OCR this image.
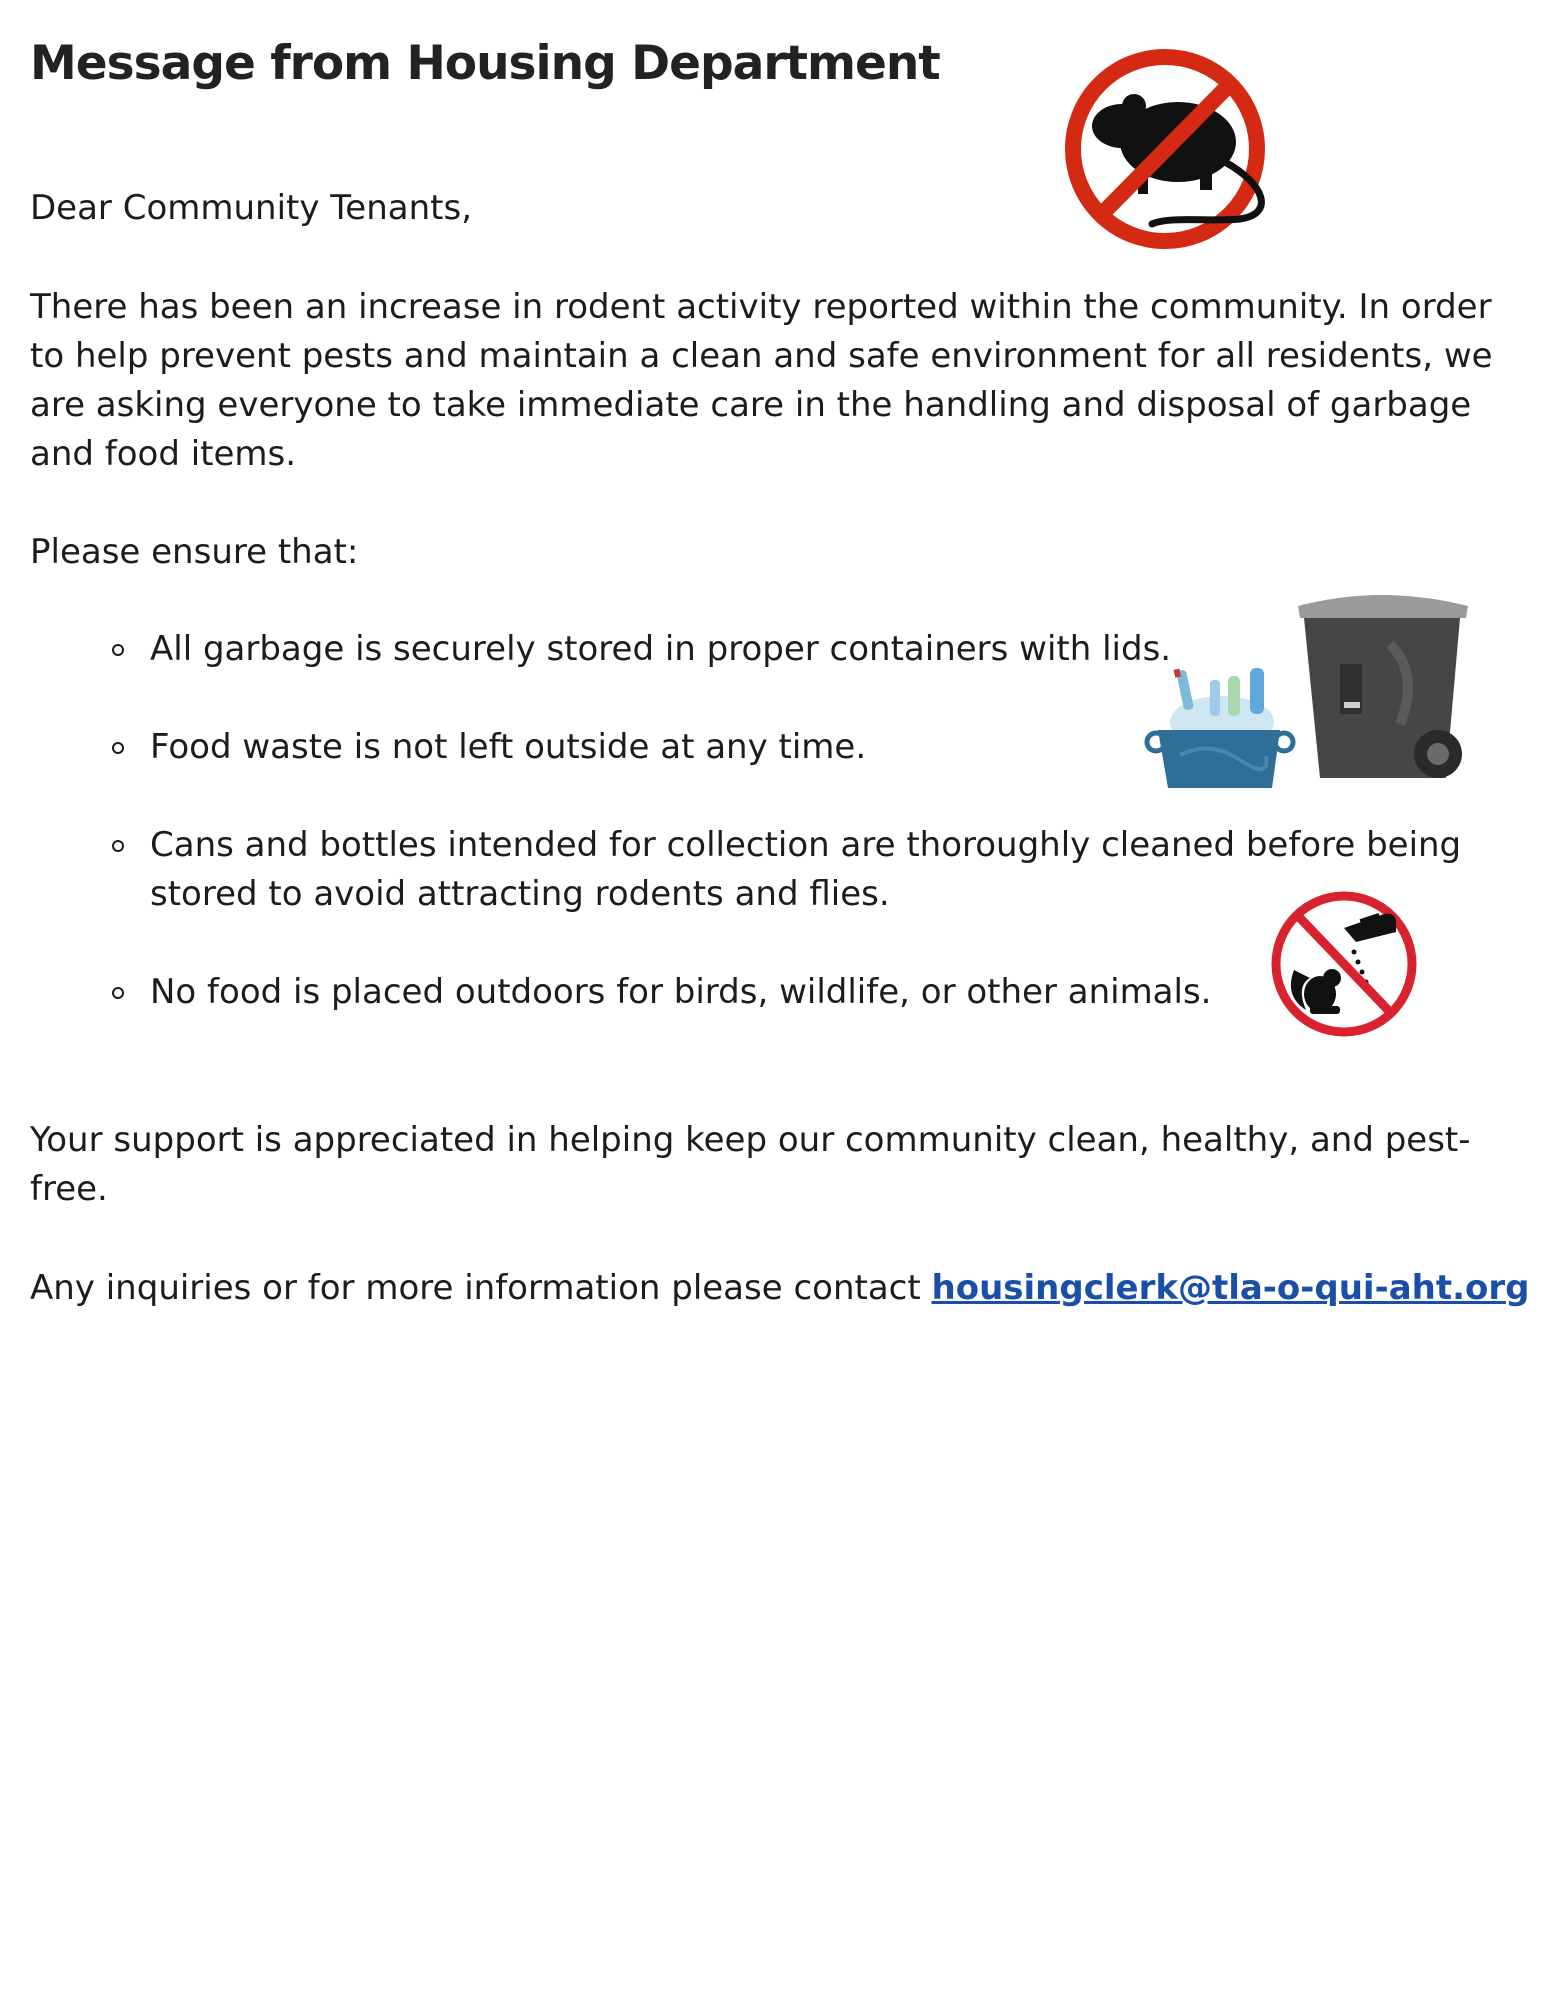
Message from Housing Department

Dear Community Tenants,

There has been an increase in rodent activity reported within the community. In order to help prevent pests and maintain a clean and safe environment for all residents, we are asking everyone to take immediate care in the handling and disposal of garbage and food items.

Please ensure that:

All garbage is securely stored in proper containers with lids.

Food waste is not left outside at any time.

Cans and bottles intended for collection are thoroughly cleaned before being stored to avoid attracting rodents and flies.

No food is placed outdoors for birds, wildlife, or other animals.

Your support is appreciated in helping keep our community clean, healthy, and pest-free.

Any inquiries or for more information please contact housingclerk@tla-o-qui-aht.org
